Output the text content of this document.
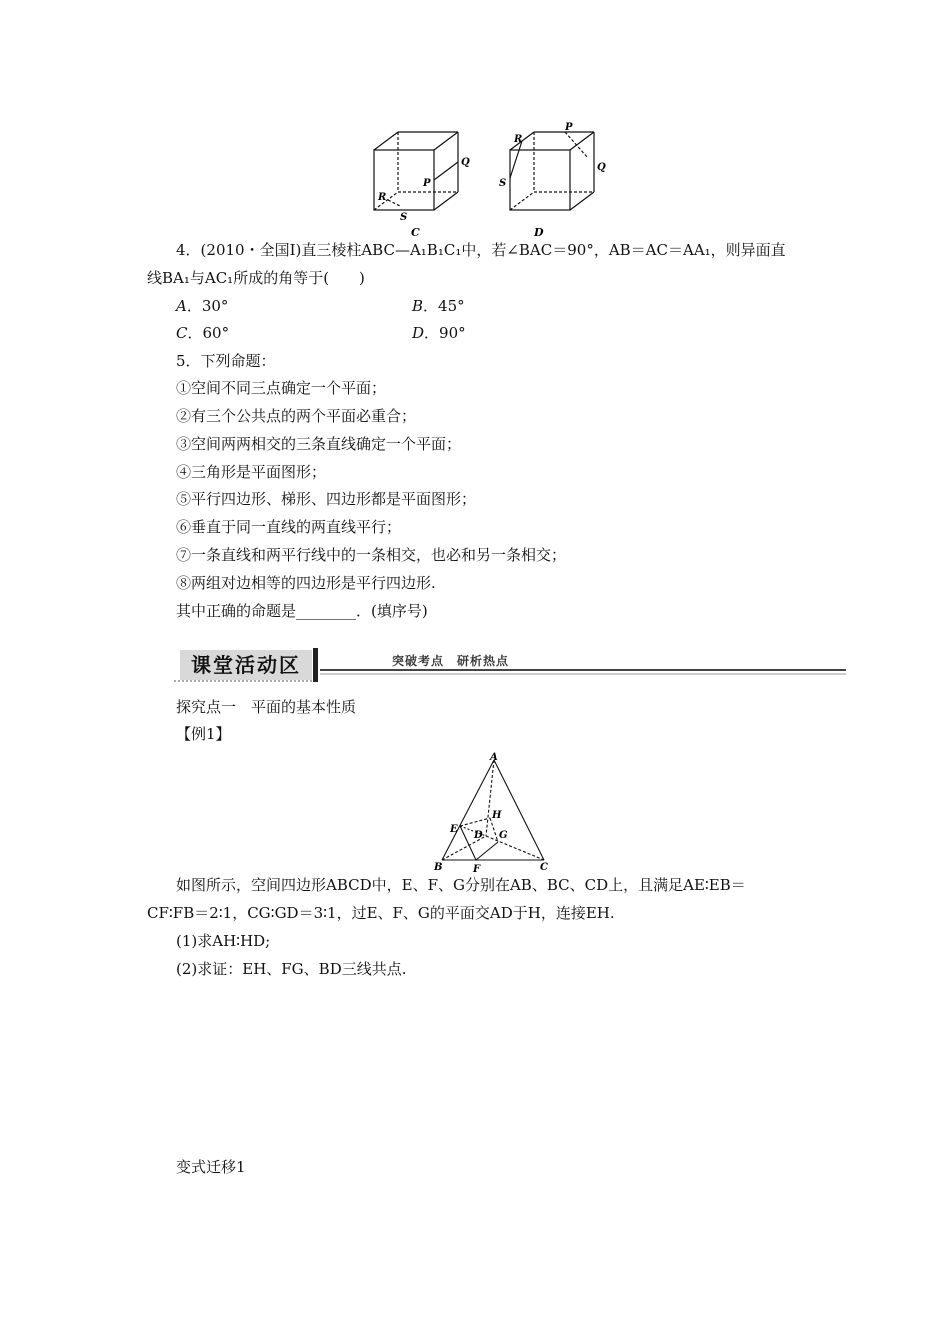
Q
P
R
S
C
R
P
S
Q
D
4．(2010・全国Ⅰ)直三棱柱ABC—A₁B₁C₁中，若∠BAC＝90°，AB＝AC＝AA₁，则异面直
线BA₁与AC₁所成的角等于(　　)
A．30°	B．45°
C．60°	D．90°
5．下列命题：
①空间不同三点确定一个平面；
②有三个公共点的两个平面必重合；
③空间两两相交的三条直线确定一个平面；
④三角形是平面图形；
⑤平行四边形、梯形、四边形都是平面图形；
⑥垂直于同一直线的两直线平行；
⑦一条直线和两平行线中的一条相交，也必和另一条相交；
⑧两组对边相等的四边形是平行四边形.
其中正确的命题是________．(填序号)
课堂活动区	突破考点　研析热点
探究点一　平面的基本性质
【例1】
A
H
E
D G
B	F	C
如图所示，空间四边形ABCD中，E、F、G分别在AB、BC、CD上，且满足AE∶EB＝
CF∶FB＝2∶1，CG∶GD＝3∶1，过E、F、G的平面交AD于H，连接EH.
(1)求AH∶HD;
(2)求证：EH、FG、BD三线共点.
变式迁移1
